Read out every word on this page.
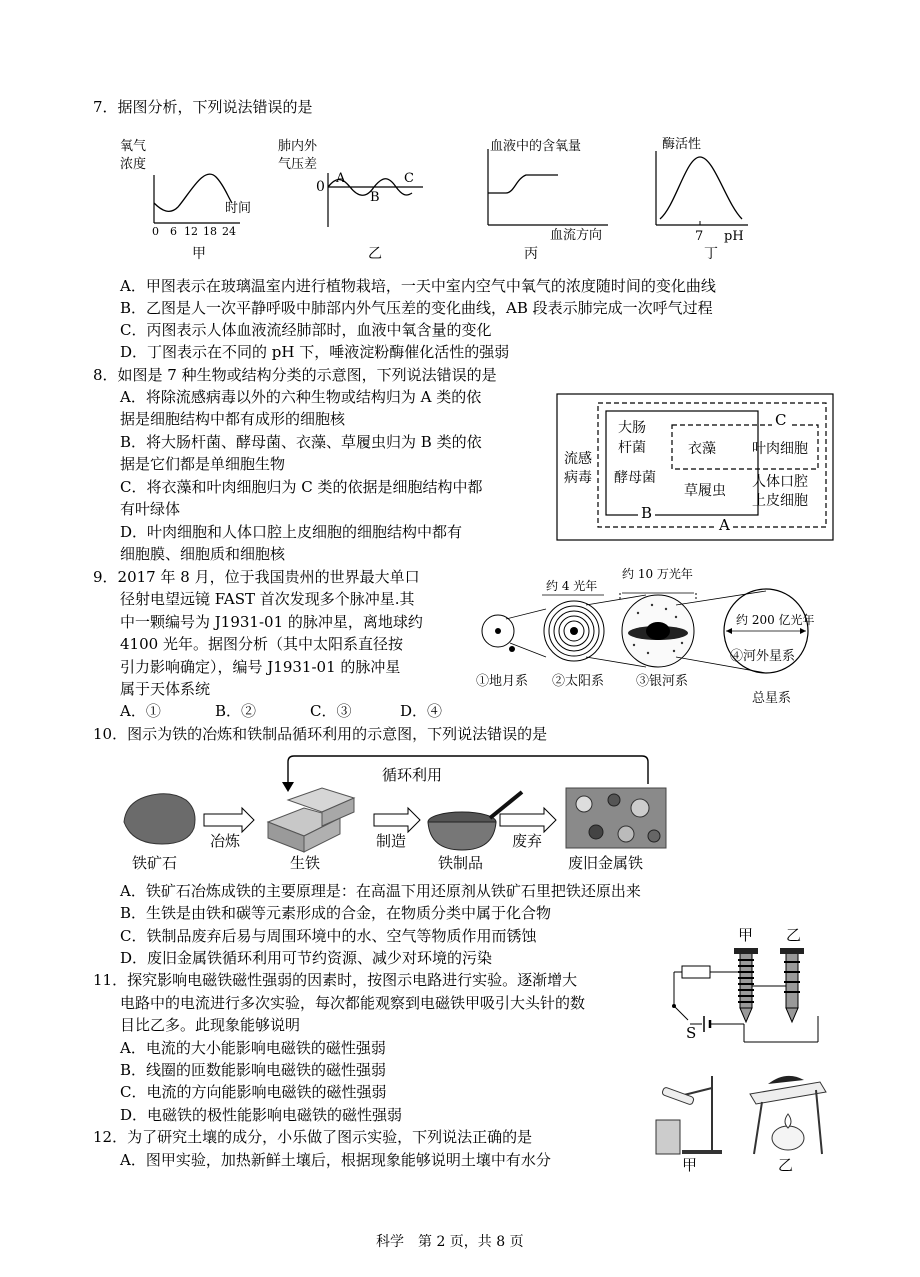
7．据图分析，下列说法错误的是
氧气
浓度
时间
0 6 12 18 24
甲
肺内外
气压差
0
A
B
C
乙
血液中的含氧量
血流方向
丙
酶活性
7 pH
丁
A．甲图表示在玻璃温室内进行植物栽培，一天中室内空气中氧气的浓度随时间的变化曲线
B．乙图是人一次平静呼吸中肺部内外气压差的变化曲线，AB 段表示肺完成一次呼气过程
C．丙图表示人体血液流经肺部时，血液中氧含量的变化
D．丁图表示在不同的 pH 下，唾液淀粉酶催化活性的强弱
8．如图是 7 种生物或结构分类的示意图，下列说法错误的是
A．将除流感病毒以外的六种生物或结构归为 A 类的依
据是细胞结构中都有成形的细胞核
B．将大肠杆菌、酵母菌、衣藻、草履虫归为 B 类的依
据是它们都是单细胞生物
C．将衣藻和叶肉细胞归为 C 类的依据是细胞结构中都
有叶绿体
D．叶肉细胞和人体口腔上皮细胞的细胞结构中都有
细胞膜、细胞质和细胞核
流感
病毒
大肠
杆菌
酵母菌
衣藻
草履虫
叶肉细胞
人体口腔
上皮细胞
C
B
A
9．2017 年 8 月，位于我国贵州的世界最大单口
径射电望远镜 FAST 首次发现多个脉冲星.其
中一颗编号为 J1931-01 的脉冲星，离地球约
4100 光年。据图分析（其中太阳系直径按
引力影响确定），编号 J1931-01 的脉冲星
属于天体系统
A．①	B．②	C．③	D．④
约 4 光年
约 10 万光年
约 200 亿光年
①地月系 ②太阳系 ③银河系
④河外星系
总星系
10．图示为铁的冶炼和铁制品循环利用的示意图，下列说法错误的是
循环利用
冶炼	制造	废弃
铁矿石	生铁	铁制品	废旧金属铁
A．铁矿石冶炼成铁的主要原理是：在高温下用还原剂从铁矿石里把铁还原出来
B．生铁是由铁和碳等元素形成的合金，在物质分类中属于化合物
C．铁制品废弃后易与周围环境中的水、空气等物质作用而锈蚀
D．废旧金属铁循环利用可节约资源、减少对环境的污染
11．探究影响电磁铁磁性强弱的因素时，按图示电路进行实验。逐渐增大
电路中的电流进行多次实验，每次都能观察到电磁铁甲吸引大头针的数
目比乙多。此现象能够说明
A．电流的大小能影响电磁铁的磁性强弱
B．线圈的匝数能影响电磁铁的磁性强弱
C．电流的方向能影响电磁铁的磁性强弱
D．电磁铁的极性能影响电磁铁的磁性强弱
甲 乙
S
12．为了研究土壤的成分，小乐做了图示实验，下列说法正确的是
A．图甲实验，加热新鲜土壤后，根据现象能够说明土壤中有水分	甲	乙
科学　第 2 页，共 8 页
